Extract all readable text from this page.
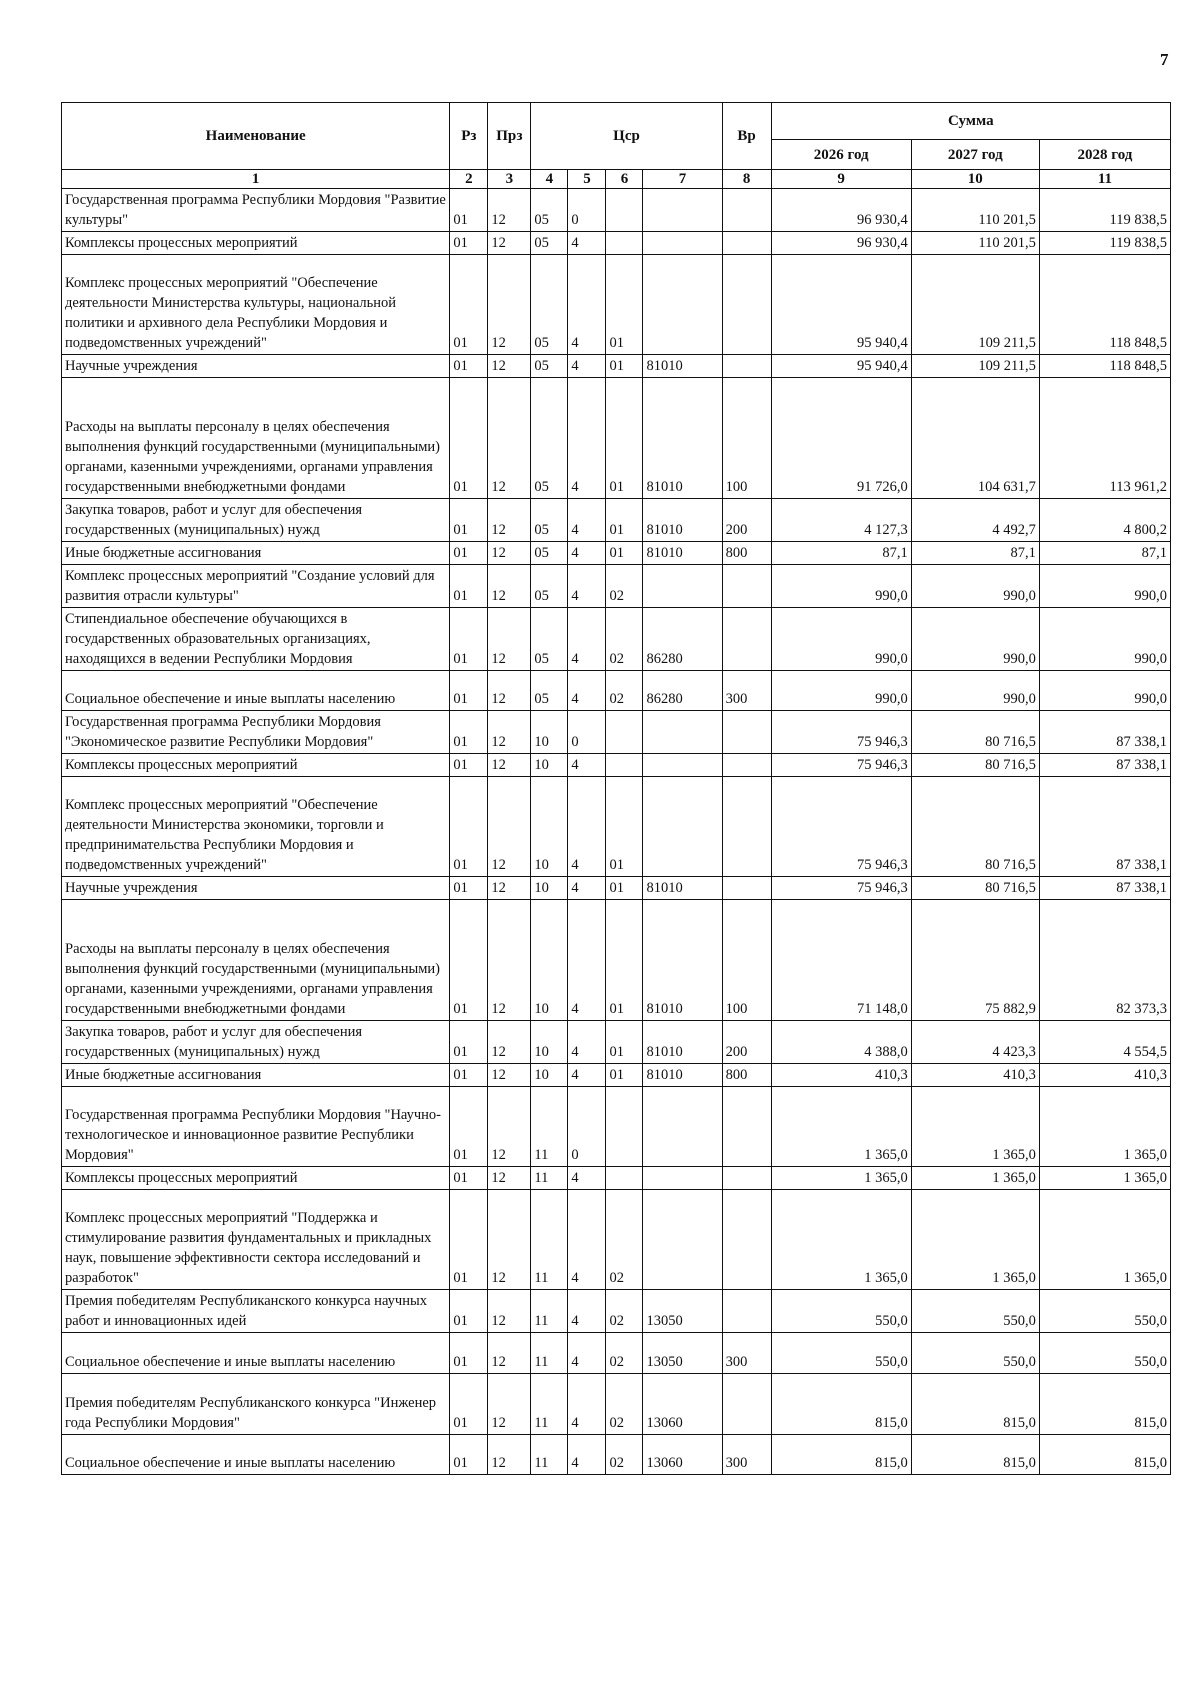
7
Наименование	Рз	Прз	Цср				Вр	Сумма		
								2026 год	2027 год	2028 год
1	2	3	4	5	6	7	8	9	10	11
Государственная программа Республики Мордовия "Развитие культуры"	01	12	05	0				96 930,4	110 201,5	119 838,5
Комплексы процессных мероприятий	01	12	05	4				96 930,4	110 201,5	119 838,5
Комплекс процессных мероприятий "Обеспечение деятельности Министерства культуры, национальной политики и архивного дела Республики Мордовия и подведомственных учреждений"	01	12	05	4	01			95 940,4	109 211,5	118 848,5
Научные учреждения	01	12	05	4	01	81010		95 940,4	109 211,5	118 848,5
Расходы на выплаты персоналу в целях обеспечения выполнения функций государственными (муниципальными) органами, казенными учреждениями, органами управления государственными внебюджетными фондами	01	12	05	4	01	81010	100	91 726,0	104 631,7	113 961,2
Закупка товаров, работ и услуг для обеспечения государственных (муниципальных) нужд	01	12	05	4	01	81010	200	4 127,3	4 492,7	4 800,2
Иные бюджетные ассигнования	01	12	05	4	01	81010	800	87,1	87,1	87,1
Комплекс процессных мероприятий "Создание условий для развития отрасли культуры"	01	12	05	4	02			990,0	990,0	990,0
Стипендиальное обеспечение обучающихся в государственных образовательных организациях, находящихся в ведении Республики Мордовия	01	12	05	4	02	86280		990,0	990,0	990,0
Социальное обеспечение и иные выплаты населению	01	12	05	4	02	86280	300	990,0	990,0	990,0
Государственная программа Республики Мордовия "Экономическое развитие Республики Мордовия"	01	12	10	0				75 946,3	80 716,5	87 338,1
Комплексы процессных мероприятий	01	12	10	4				75 946,3	80 716,5	87 338,1
Комплекс процессных мероприятий "Обеспечение деятельности Министерства экономики, торговли и предпринимательства Республики Мордовия и подведомственных учреждений"	01	12	10	4	01			75 946,3	80 716,5	87 338,1
Научные учреждения	01	12	10	4	01	81010		75 946,3	80 716,5	87 338,1
Расходы на выплаты персоналу в целях обеспечения выполнения функций государственными (муниципальными) органами, казенными учреждениями, органами управления государственными внебюджетными фондами	01	12	10	4	01	81010	100	71 148,0	75 882,9	82 373,3
Закупка товаров, работ и услуг для обеспечения государственных (муниципальных) нужд	01	12	10	4	01	81010	200	4 388,0	4 423,3	4 554,5
Иные бюджетные ассигнования	01	12	10	4	01	81010	800	410,3	410,3	410,3
Государственная программа Республики Мордовия "Научно-технологическое и инновационное развитие Республики Мордовия"	01	12	11	0				1 365,0	1 365,0	1 365,0
Комплексы процессных мероприятий	01	12	11	4				1 365,0	1 365,0	1 365,0
Комплекс процессных мероприятий "Поддержка и стимулирование развития фундаментальных и прикладных наук, повышение эффективности сектора исследований и разработок"	01	12	11	4	02			1 365,0	1 365,0	1 365,0
Премия победителям Республиканского конкурса научных работ и инновационных идей	01	12	11	4	02	13050		550,0	550,0	550,0
Социальное обеспечение и иные выплаты населению	01	12	11	4	02	13050	300	550,0	550,0	550,0
Премия победителям Республиканского конкурса "Инженер года Республики Мордовия"	01	12	11	4	02	13060		815,0	815,0	815,0
Социальное обеспечение и иные выплаты населению	01	12	11	4	02	13060	300	815,0	815,0	815,0
